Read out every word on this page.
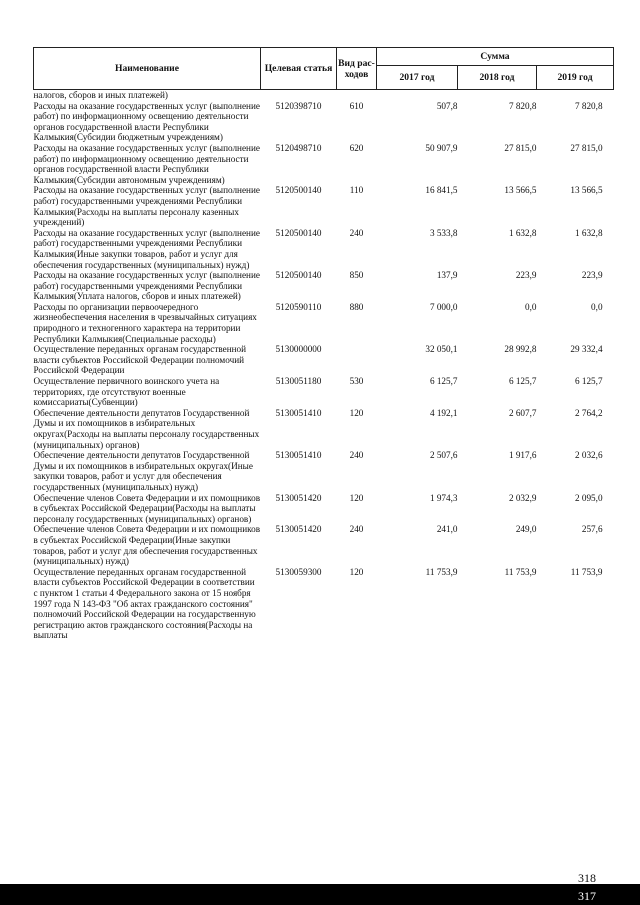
Наименование	Целевая статья	Вид рас-ходов	Сумма		
			2017 год	2018 год	2019 год
налогов, сборов и иных платежей)					
Расходы на оказание государственных услуг (выполнение работ) по информационному освещению деятельности органов государственной власти Республики Калмыкия(Субсидии бюджетным учреждениям)	5120398710	610	507,8	7 820,8	7 820,8
Расходы на оказание государственных услуг (выполнение работ) по информационному освещению деятельности органов государственной власти Республики Калмыкия(Субсидии автономным учреждениям)	5120498710	620	50 907,9	27 815,0	27 815,0
Расходы на оказание государственных услуг (выполнение работ) государственными учреждениями Республики Калмыкия(Расходы на выплаты персоналу казенных учреждений)	5120500140	110	16 841,5	13 566,5	13 566,5
Расходы на оказание государственных услуг (выполнение работ) государственными учреждениями Республики Калмыкия(Иные закупки товаров, работ и услуг для обеспечения государственных (муниципальных) нужд)	5120500140	240	3 533,8	1 632,8	1 632,8
Расходы на оказание государственных услуг (выполнение работ) государственными учреждениями Республики Калмыкия(Уплата налогов, сборов и иных платежей)	5120500140	850	137,9	223,9	223,9
Расходы по организации первоочередного жизнеобеспечения населения в чрезвычайных ситуациях природного и техногенного характера на территории Республики Калмыкия(Специальные расходы)	5120590110	880	7 000,0	0,0	0,0
Осуществление переданных органам государственной власти субъектов Российской Федерации полномочий Российской Федерации	5130000000		32 050,1	28 992,8	29 332,4
Осуществление первичного воинского учета на территориях, где отсутствуют военные комиссариаты(Субвенции)	5130051180	530	6 125,7	6 125,7	6 125,7
Обеспечение деятельности депутатов Государственной Думы и их помощников в избирательных округах(Расходы на выплаты персоналу государственных (муниципальных) органов)	5130051410	120	4 192,1	2 607,7	2 764,2
Обеспечение деятельности депутатов Государственной Думы и их помощников в избирательных округах(Иные закупки товаров, работ и услуг для обеспечения государственных (муниципальных) нужд)	5130051410	240	2 507,6	1 917,6	2 032,6
Обеспечение членов Совета Федерации и их помощников в субъектах Российской Федерации(Расходы на выплаты персоналу государственных (муниципальных) органов)	5130051420	120	1 974,3	2 032,9	2 095,0
Обеспечение членов Совета Федерации и их помощников в субъектах Российской Федерации(Иные закупки товаров, работ и услуг для обеспечения государственных (муниципальных) нужд)	5130051420	240	241,0	249,0	257,6
Осуществление переданных органам государственной власти субъектов Российской Федерации в соответствии с пунктом 1 статьи 4 Федерального закона от 15 ноября 1997 года N 143-ФЗ "Об актах гражданского состояния" полномочий Российской Федерации на государственную регистрацию актов гражданского состояния(Расходы на выплаты	5130059300	120	11 753,9	11 753,9	11 753,9
318
317
